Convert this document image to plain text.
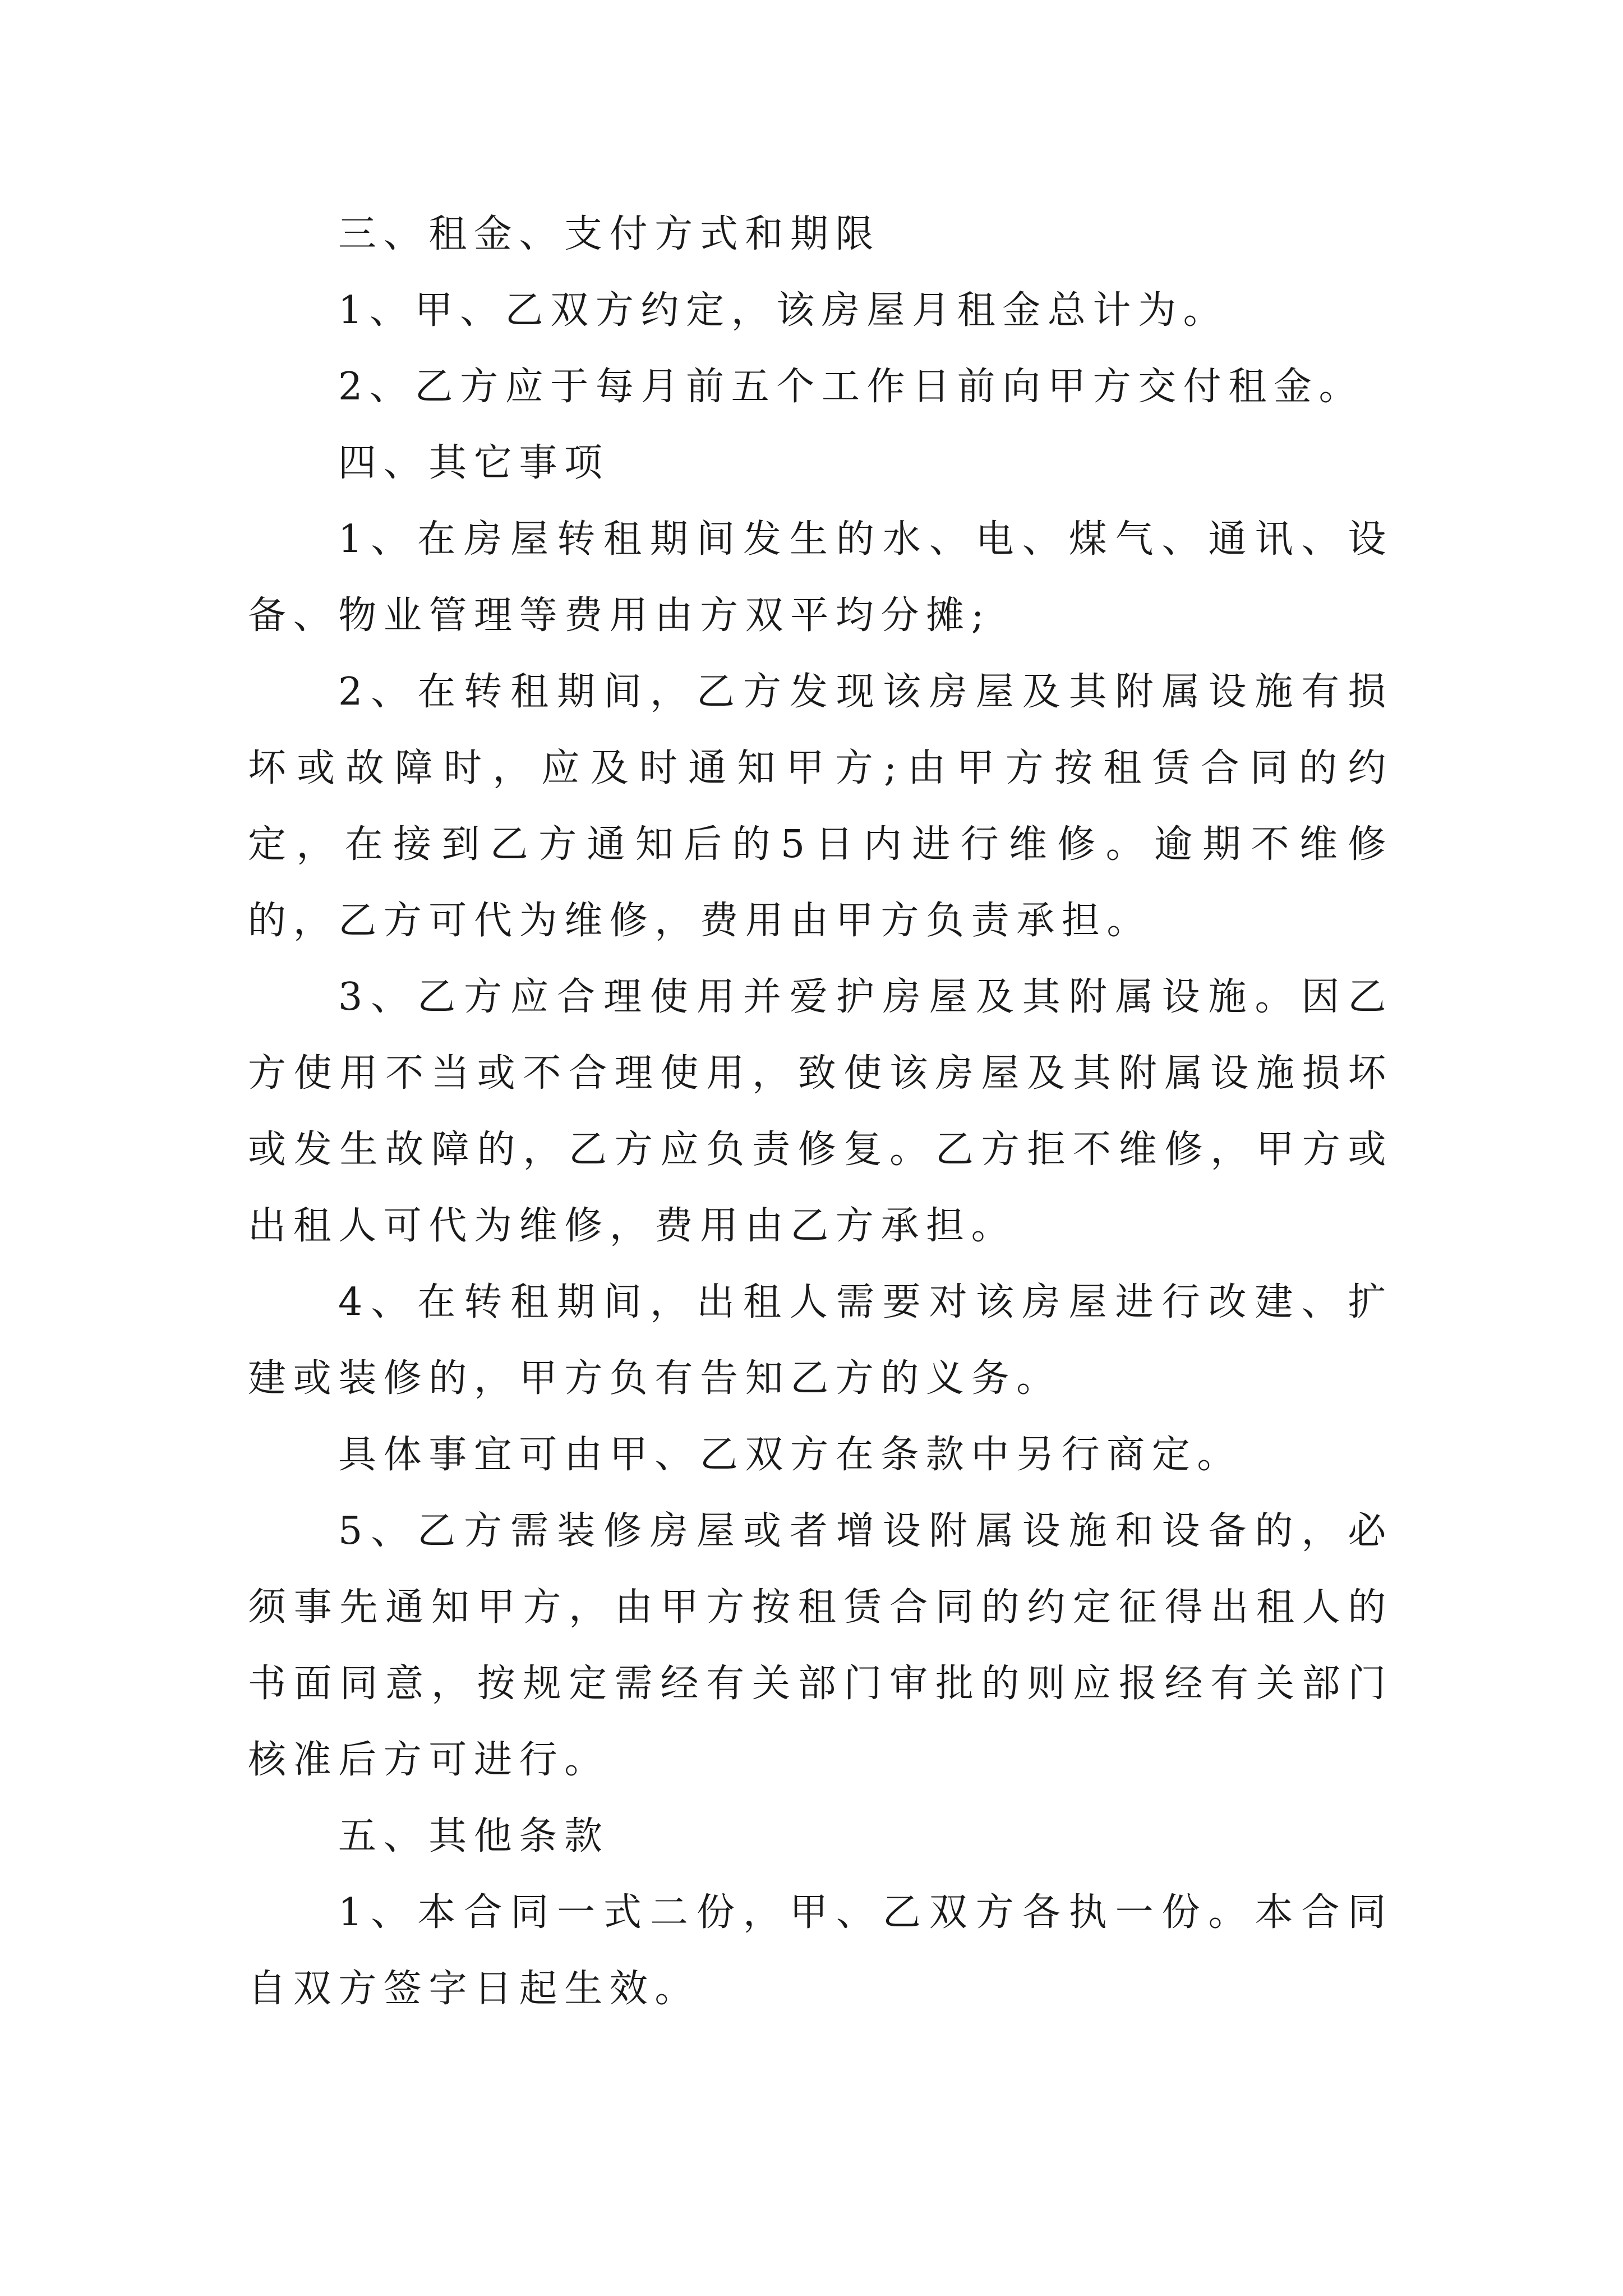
三、租金、支付方式和期限

1、甲、乙双方约定，该房屋月租金总计为。

2、乙方应于每月前五个工作日前向甲方交付租金。

四、其它事项

1、在房屋转租期间发生的水、电、煤气、通讯、设备、物业管理等费用由方双平均分摊;

2、在转租期间，乙方发现该房屋及其附属设施有损坏或故障时，应及时通知甲方;由甲方按租赁合同的约定，在接到乙方通知后的5日内进行维修。逾期不维修的，乙方可代为维修，费用由甲方负责承担。

3、乙方应合理使用并爱护房屋及其附属设施。因乙方使用不当或不合理使用，致使该房屋及其附属设施损坏或发生故障的，乙方应负责修复。乙方拒不维修，甲方或出租人可代为维修，费用由乙方承担。

4、在转租期间，出租人需要对该房屋进行改建、扩建或装修的，甲方负有告知乙方的义务。

具体事宜可由甲、乙双方在条款中另行商定。

5、乙方需装修房屋或者增设附属设施和设备的，必须事先通知甲方，由甲方按租赁合同的约定征得出租人的书面同意，按规定需经有关部门审批的则应报经有关部门核准后方可进行。

五、其他条款

1、本合同一式二份，甲、乙双方各执一份。本合同自双方签字日起生效。
